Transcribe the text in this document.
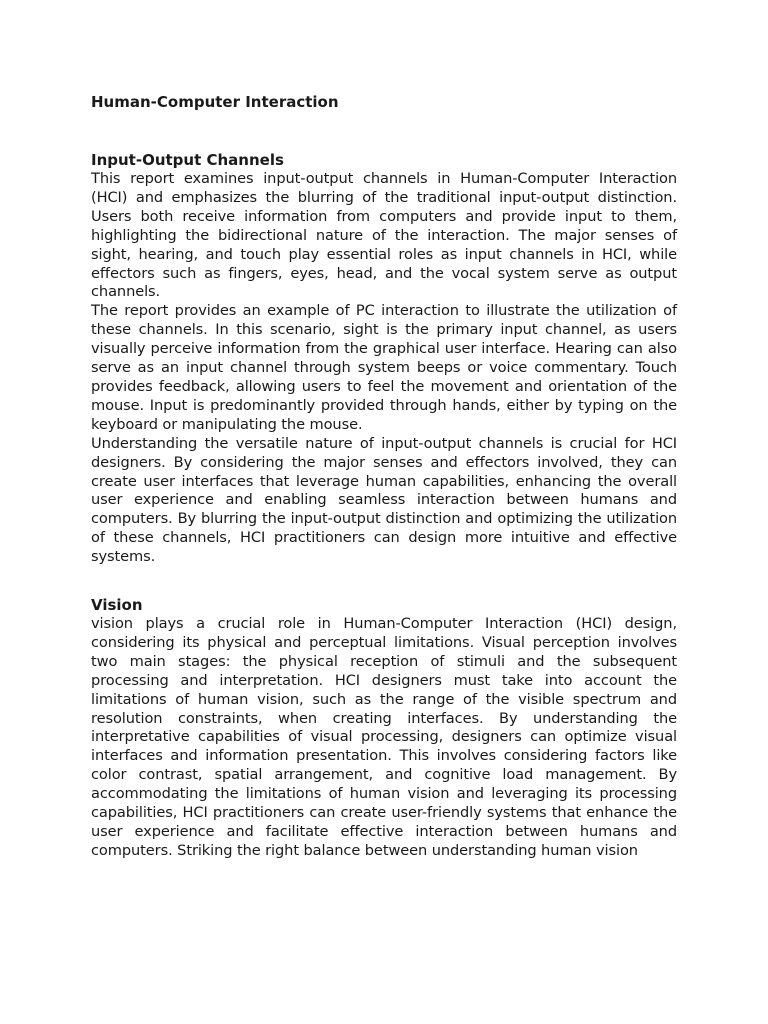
Human-Computer Interaction
Input-Output Channels

This report examines input-output channels in Human-Computer Interaction (HCI) and emphasizes the blurring of the traditional input-output distinction. Users both receive information from computers and provide input to them, highlighting the bidirectional nature of the interaction. The major senses of sight, hearing, and touch play essential roles as input channels in HCI, while effectors such as fingers, eyes, head, and the vocal system serve as output channels.

The report provides an example of PC interaction to illustrate the utilization of these channels. In this scenario, sight is the primary input channel, as users visually perceive information from the graphical user interface. Hearing can also serve as an input channel through system beeps or voice commentary. Touch provides feedback, allowing users to feel the movement and orientation of the mouse. Input is predominantly provided through hands, either by typing on the keyboard or manipulating the mouse.

Understanding the versatile nature of input-output channels is crucial for HCI designers. By considering the major senses and effectors involved, they can create user interfaces that leverage human capabilities, enhancing the overall user experience and enabling seamless interaction between humans and computers. By blurring the input-output distinction and optimizing the utilization of these channels, HCI practitioners can design more intuitive and effective systems.

Vision

vision plays a crucial role in Human-Computer Interaction (HCI) design, considering its physical and perceptual limitations. Visual perception involves two main stages: the physical reception of stimuli and the subsequent processing and interpretation. HCI designers must take into account the limitations of human vision, such as the range of the visible spectrum and resolution constraints, when creating interfaces. By understanding the interpretative capabilities of visual processing, designers can optimize visual interfaces and information presentation. This involves considering factors like color contrast, spatial arrangement, and cognitive load management. By accommodating the limitations of human vision and leveraging its processing capabilities, HCI practitioners can create user-friendly systems that enhance the user experience and facilitate effective interaction between humans and computers. Striking the right balance between understanding human vision
